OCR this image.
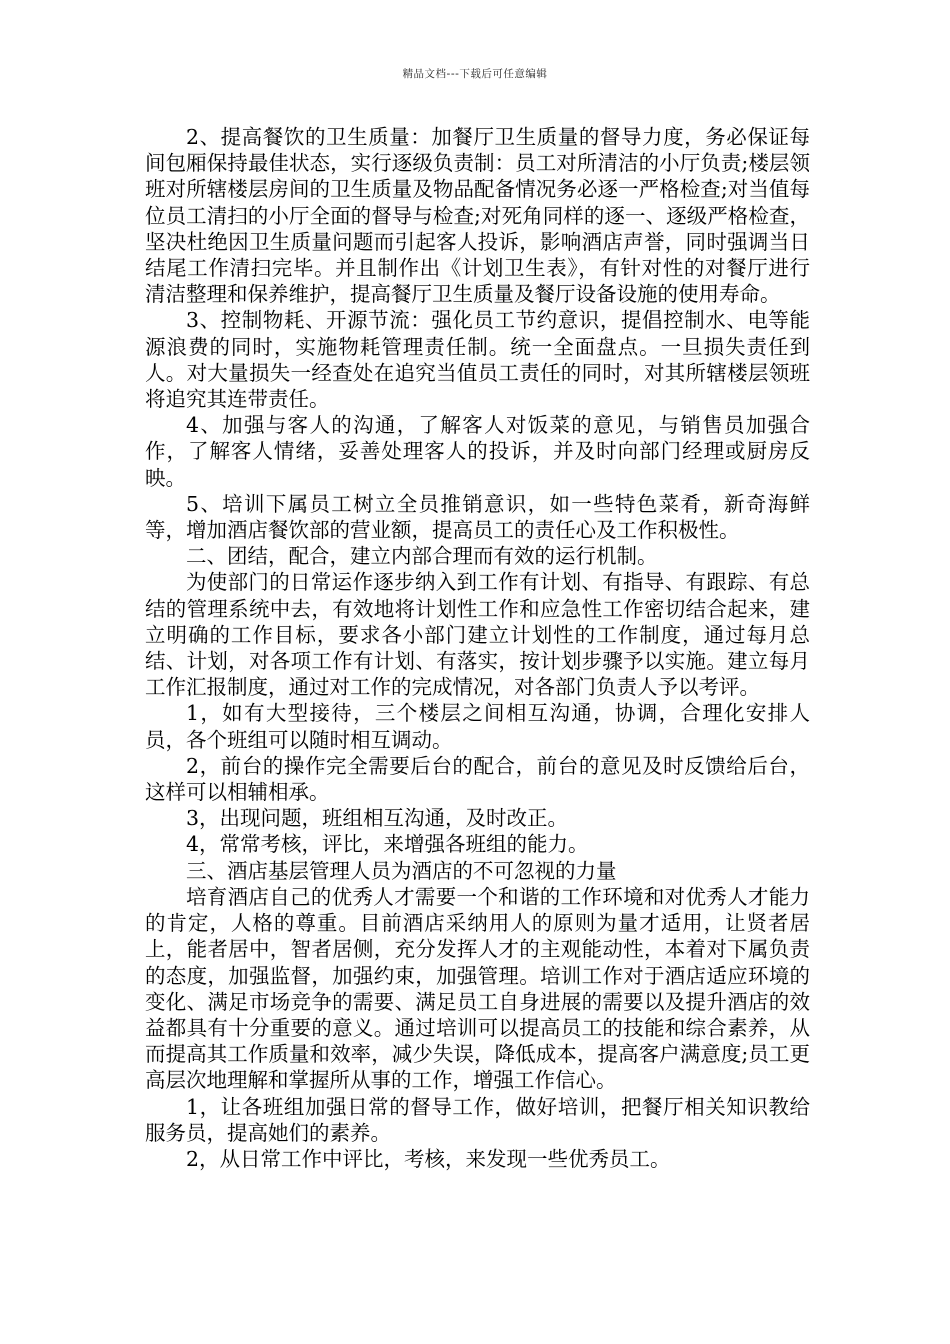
精品文档---下载后可任意编辑

2、提高餐饮的卫生质量：加餐厅卫生质量的督导力度，务必保证每间包厢保持最佳状态，实行逐级负责制：员工对所清洁的小厅负责;楼层领班对所辖楼层房间的卫生质量及物品配备情况务必逐一严格检查;对当值每位员工清扫的小厅全面的督导与检查;对死角同样的逐一、逐级严格检查，坚决杜绝因卫生质量问题而引起客人投诉，影响酒店声誉，同时强调当日结尾工作清扫完毕。并且制作出《计划卫生表》，有针对性的对餐厅进行清洁整理和保养维护，提高餐厅卫生质量及餐厅设备设施的使用寿命。

3、控制物耗、开源节流：强化员工节约意识，提倡控制水、电等能源浪费的同时，实施物耗管理责任制。统一全面盘点。一旦损失责任到人。对大量损失一经查处在追究当值员工责任的同时，对其所辖楼层领班将追究其连带责任。

4、加强与客人的沟通，了解客人对饭菜的意见，与销售员加强合作，了解客人情绪，妥善处理客人的投诉，并及时向部门经理或厨房反映。

5、培训下属员工树立全员推销意识，如一些特色菜肴，新奇海鲜等，增加酒店餐饮部的营业额，提高员工的责任心及工作积极性。

二、团结，配合，建立内部合理而有效的运行机制。

为使部门的日常运作逐步纳入到工作有计划、有指导、有跟踪、有总结的管理系统中去，有效地将计划性工作和应急性工作密切结合起来，建立明确的工作目标，要求各小部门建立计划性的工作制度，通过每月总结、计划，对各项工作有计划、有落实，按计划步骤予以实施。建立每月工作汇报制度，通过对工作的完成情况，对各部门负责人予以考评。

1，如有大型接待，三个楼层之间相互沟通，协调，合理化安排人员，各个班组可以随时相互调动。

2，前台的操作完全需要后台的配合，前台的意见及时反馈给后台，这样可以相辅相承。

3，出现问题，班组相互沟通，及时改正。

4，常常考核，评比，来增强各班组的能力。

三、酒店基层管理人员为酒店的不可忽视的力量

培育酒店自己的优秀人才需要一个和谐的工作环境和对优秀人才能力的肯定，人格的尊重。目前酒店采纳用人的原则为量才适用，让贤者居上，能者居中，智者居侧，充分发挥人才的主观能动性，本着对下属负责的态度，加强监督，加强约束，加强管理。培训工作对于酒店适应环境的变化、满足市场竞争的需要、满足员工自身进展的需要以及提升酒店的效益都具有十分重要的意义。通过培训可以提高员工的技能和综合素养，从而提高其工作质量和效率，减少失误，降低成本，提高客户满意度;员工更高层次地理解和掌握所从事的工作，增强工作信心。

1，让各班组加强日常的督导工作，做好培训，把餐厅相关知识教给服务员，提高她们的素养。

2，从日常工作中评比，考核，来发现一些优秀员工。
